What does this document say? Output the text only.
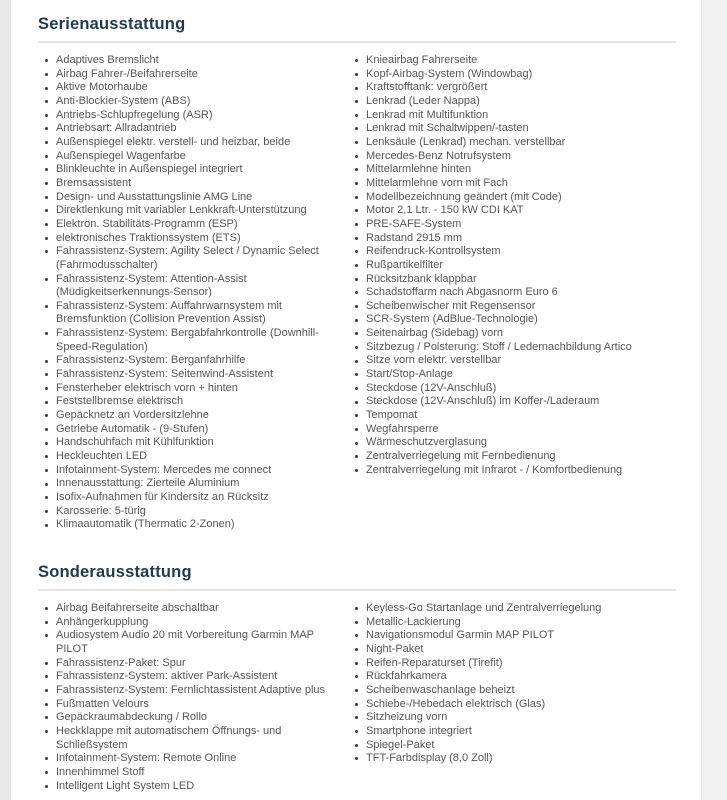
Serienausstattung
Adaptives Bremslicht
Airbag Fahrer-/Beifahrerseite
Aktive Motorhaube
Anti-Blockier-System (ABS)
Antriebs-Schlupfregelung (ASR)
Antriebsart: Allradantrieb
Außenspiegel elektr. verstell- und heizbar, beide
Außenspiegel Wagenfarbe
Blinkleuchte in Außenspiegel integriert
Bremsassistent
Design- und Ausstattungslinie AMG Line
Direktlenkung mit variabler Lenkkraft-Unterstützung
Elektron. Stabilitäts-Programm (ESP)
elektronisches Traktionssystem (ETS)
Fahrassistenz-System: Agility Select / Dynamic Select (Fahrmodusschalter)
Fahrassistenz-System: Attention-Assist (Müdigkeitserkennungs-Sensor)
Fahrassistenz-System: Auffahrwarnsystem mit Bremsfunktion (Collision Prevention Assist)
Fahrassistenz-System: Bergabfahrkontrolle (Downhill-Speed-Regulation)
Fahrassistenz-System: Berganfahrhilfe
Fahrassistenz-System: Seitenwind-Assistent
Fensterheber elektrisch vorn + hinten
Feststellbremse elektrisch
Gepäcknetz an Vordersitzlehne
Getriebe Automatik - (9-Stufen)
Handschuhfach mit Kühlfunktion
Heckleuchten LED
Infotainment-System: Mercedes me connect
Innenausstattung: Zierteile Aluminium
Isofix-Aufnahmen für Kindersitz an Rücksitz
Karosserie: 5-türig
Klimaautomatik (Thermatic 2-Zonen)
Knieairbag Fahrerseite
Kopf-Airbag-System (Windowbag)
Kraftstofftank: vergrößert
Lenkrad (Leder Nappa)
Lenkrad mit Multifunktion
Lenkrad mit Schaltwippen/-tasten
Lenksäule (Lenkrad) mechan. verstellbar
Mercedes-Benz Notrufsystem
Mittelarmlehne hinten
Mittelarmlehne vorn mit Fach
Modellbezeichnung geändert (mit Code)
Motor 2,1 Ltr. - 150 kW CDI KAT
PRE-SAFE-System
Radstand 2915 mm
Reifendruck-Kontrollsystem
Rußpartikelfilter
Rücksitzbank klappbar
Schadstoffarm nach Abgasnorm Euro 6
Scheibenwischer mit Regensensor
SCR-System (AdBlue-Technologie)
Seitenairbag (Sidebag) vorn
Sitzbezug / Polsterung: Stoff / Ledernachbildung Artico
Sitze vorn elektr. verstellbar
Start/Stop-Anlage
Steckdose (12V-Anschluß)
Steckdose (12V-Anschluß) im Koffer-/Laderaum
Tempomat
Wegfahrsperre
Wärmeschutzverglasung
Zentralverriegelung mit Fernbedienung
Zentralverriegelung mit Infrarot - / Komfortbedienung
Sonderausstattung
Airbag Beifahrerseite abschaltbar
Anhängerkupplung
Audiosystem Audio 20 mit Vorbereitung Garmin MAP PILOT
Fahrassistenz-Paket: Spur
Fahrassistenz-System: aktiver Park-Assistent
Fahrassistenz-System: Fernlichtassistent Adaptive plus
Fußmatten Velours
Gepäckraumabdeckung / Rollo
Heckklappe mit automatischem Öffnungs- und Schließsystem
Infotainment-System: Remote Online
Innenhimmel Stoff
Intelligent Light System LED
Keyless-Go Startanlage und Zentralverriegelung
Metallic-Lackierung
Navigationsmodul Garmin MAP PILOT
Night-Paket
Reifen-Reparaturset (Tirefit)
Rückfahrkamera
Scheibenwaschanlage beheizt
Schiebe-/Hebedach elektrisch (Glas)
Sitzheizung vorn
Smartphone integriert
Spiegel-Paket
TFT-Farbdisplay (8,0 Zoll)
